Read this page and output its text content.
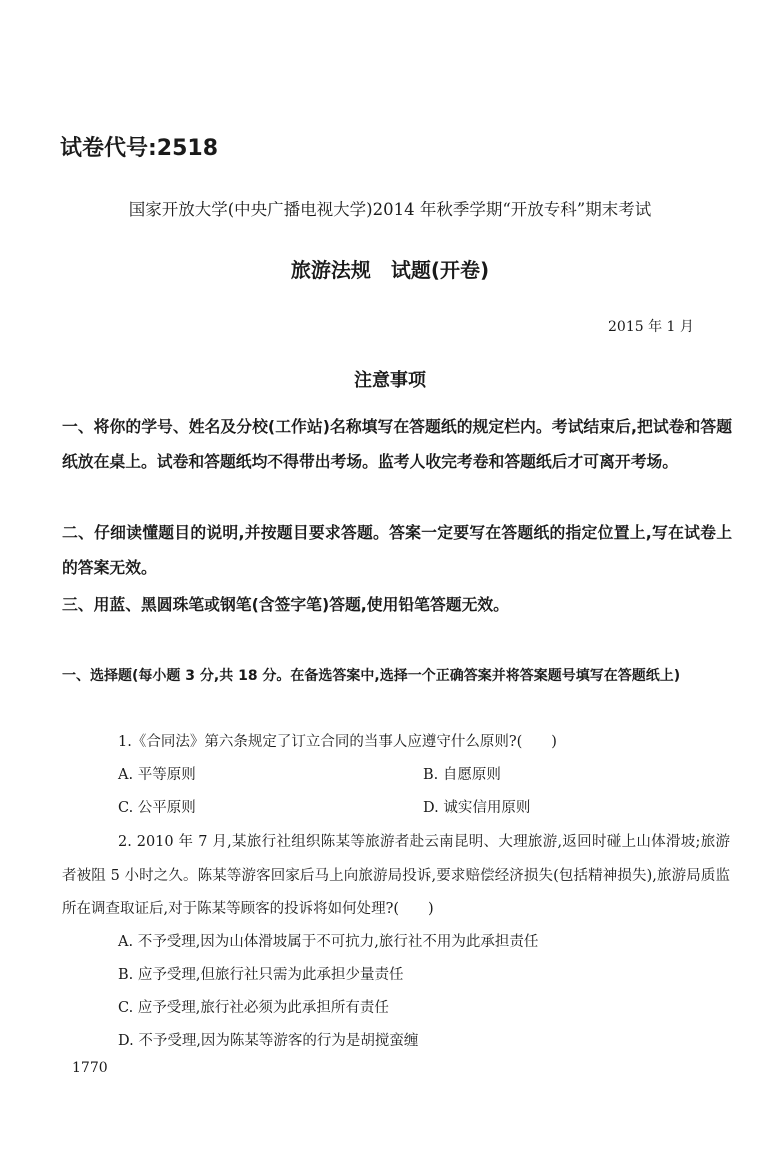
试卷代号:2518
国家开放大学(中央广播电视大学)2014 年秋季学期“开放专科”期末考试
旅游法规　试题(开卷)
2015 年 1 月
注意事项
一、将你的学号、姓名及分校(工作站)名称填写在答题纸的规定栏内。考试结束后,把试卷和答题纸放在桌上。试卷和答题纸均不得带出考场。监考人收完考卷和答题纸后才可离开考场。
二、仔细读懂题目的说明,并按题目要求答题。答案一定要写在答题纸的指定位置上,写在试卷上的答案无效。
三、用蓝、黑圆珠笔或钢笔(含签字笔)答题,使用铅笔答题无效。
一、选择题(每小题 3 分,共 18 分。在备选答案中,选择一个正确答案并将答案题号填写在答题纸上)
1.《合同法》第六条规定了订立合同的当事人应遵守什么原则?(　　)
A. 平等原则	B. 自愿原则
C. 公平原则	D. 诚实信用原则
2. 2010 年 7 月,某旅行社组织陈某等旅游者赴云南昆明、大理旅游,返回时碰上山体滑坡;旅游者被阻 5 小时之久。陈某等游客回家后马上向旅游局投诉,要求赔偿经济损失(包括精神损失),旅游局质监所在调查取证后,对于陈某等顾客的投诉将如何处理?(　　)
A. 不予受理,因为山体滑坡属于不可抗力,旅行社不用为此承担责任
B. 应予受理,但旅行社只需为此承担少量责任
C. 应予受理,旅行社必须为此承担所有责任
D. 不予受理,因为陈某等游客的行为是胡搅蛮缠
1770
